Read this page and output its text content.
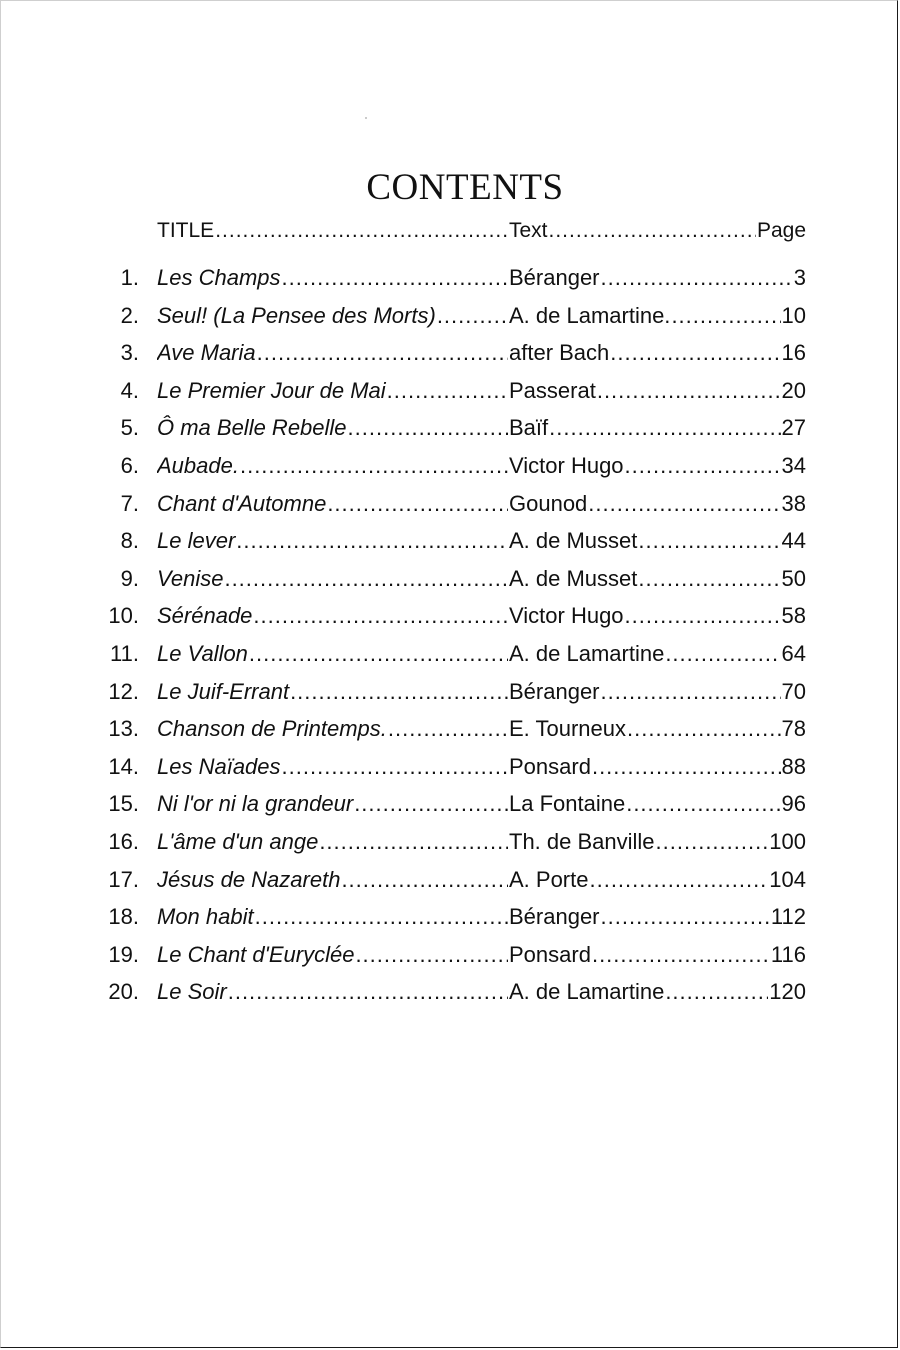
CONTENTS
TITLE .....	Text .....	Page
1. Les Champs .....	Béranger .....	3
2. Seul! (La Pensee des Morts) .....	A. de Lamartine. .....	10
3. Ave Maria .....	after Bach .....	16
4. Le Premier Jour de Mai .....	Passerat .....	20
5. Ô ma Belle Rebelle .....	Baïf .....	27
6. Aubade. .....	Victor Hugo .....	34
7. Chant d'Automne .....	Gounod .....	38
8. Le lever .....	A. de Musset .....	44
9. Venise .....	A. de Musset .....	50
10. Sérénade .....	Victor Hugo .....	58
11. Le Vallon .....	A. de Lamartine .....	64
12. Le Juif-Errant .....	Béranger .....	70
13. Chanson de Printemps. .....	E. Tourneux .....	78
14. Les Naïades .....	Ponsard .....	88
15. Ni l'or ni la grandeur .....	La Fontaine .....	96
16. L'âme d'un ange .....	Th. de Banville .....	100
17. Jésus de Nazareth .....	A. Porte .....	104
18. Mon habit .....	Béranger .....	112
19. Le Chant d'Euryclée .....	Ponsard .....	116
20. Le Soir .....	A. de Lamartine .....	120
